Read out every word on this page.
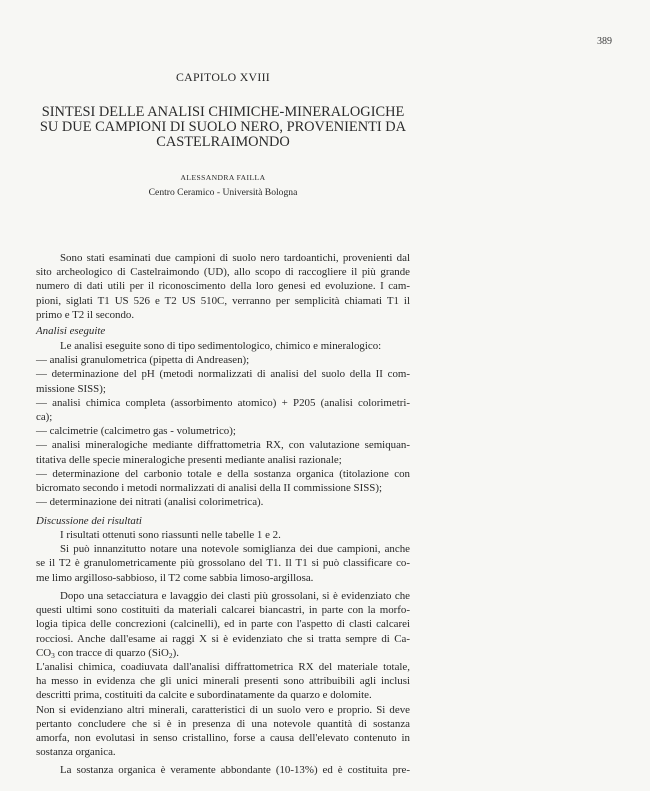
389
CAPITOLO XVIII
SINTESI DELLE ANALISI CHIMICHE-MINERALOGICHE
SU DUE CAMPIONI DI SUOLO NERO, PROVENIENTI DA
CASTELRAIMONDO
ALESSANDRA FAILLA
Centro Ceramico - Università Bologna
Sono stati esaminati due campioni di suolo nero tardoantichi, provenienti dal
sito archeologico di Castelraimondo (UD), allo scopo di raccogliere il più grande
numero di dati utili per il riconoscimento della loro genesi ed evoluzione. I cam-
pioni, siglati T1 US 526 e T2 US 510C, verranno per semplicità chiamati T1 il
primo e T2 il secondo.
Analisi eseguite
Le analisi eseguite sono di tipo sedimentologico, chimico e mineralogico:
— analisi granulometrica (pipetta di Andreasen);
— determinazione del pH (metodi normalizzati di analisi del suolo della II com-
missione SISS);
— analisi chimica completa (assorbimento atomico) + P205 (analisi colorimetri-
ca);
— calcimetrie (calcimetro gas - volumetrico);
— analisi mineralogiche mediante diffrattometria RX, con valutazione semiquan-
titativa delle specie mineralogiche presenti mediante analisi razionale;
— determinazione del carbonio totale e della sostanza organica (titolazione con
bicromato secondo i metodi normalizzati di analisi della II commissione SISS);
— determinazione dei nitrati (analisi colorimetrica).
Discussione dei risultati
I risultati ottenuti sono riassunti nelle tabelle 1 e 2.
Si può innanzitutto notare una notevole somiglianza dei due campioni, anche
se il T2 è granulometricamente più grossolano del T1. Il T1 si può classificare co-
me limo argilloso-sabbioso, il T2 come sabbia limoso-argillosa.
Dopo una setacciatura e lavaggio dei clasti più grossolani, si è evidenziato che
questi ultimi sono costituiti da materiali calcarei biancastri, in parte con la morfo-
logia tipica delle concrezioni (calcinelli), ed in parte con l'aspetto di clasti calcarei
rocciosi. Anche dall'esame ai raggi X si è evidenziato che si tratta sempre di Ca-
$CO_3$ con tracce di quarzo (SiO$_2$).
L'analisi chimica, coadiuvata dall'analisi diffrattometrica RX del materiale totale,
ha messo in evidenza che gli unici minerali presenti sono attribuibili agli inclusi
descritti prima, costituiti da calcite e subordinatamente da quarzo e dolomite.
Non si evidenziano altri minerali, caratteristici di un suolo vero e proprio. Si deve
pertanto concludere che si è in presenza di una notevole quantità di sostanza
amorfa, non evolutasi in senso cristallino, forse a causa dell'elevato contenuto in
sostanza organica.
La sostanza organica è veramente abbondante (10-13%) ed è costituita pre-
